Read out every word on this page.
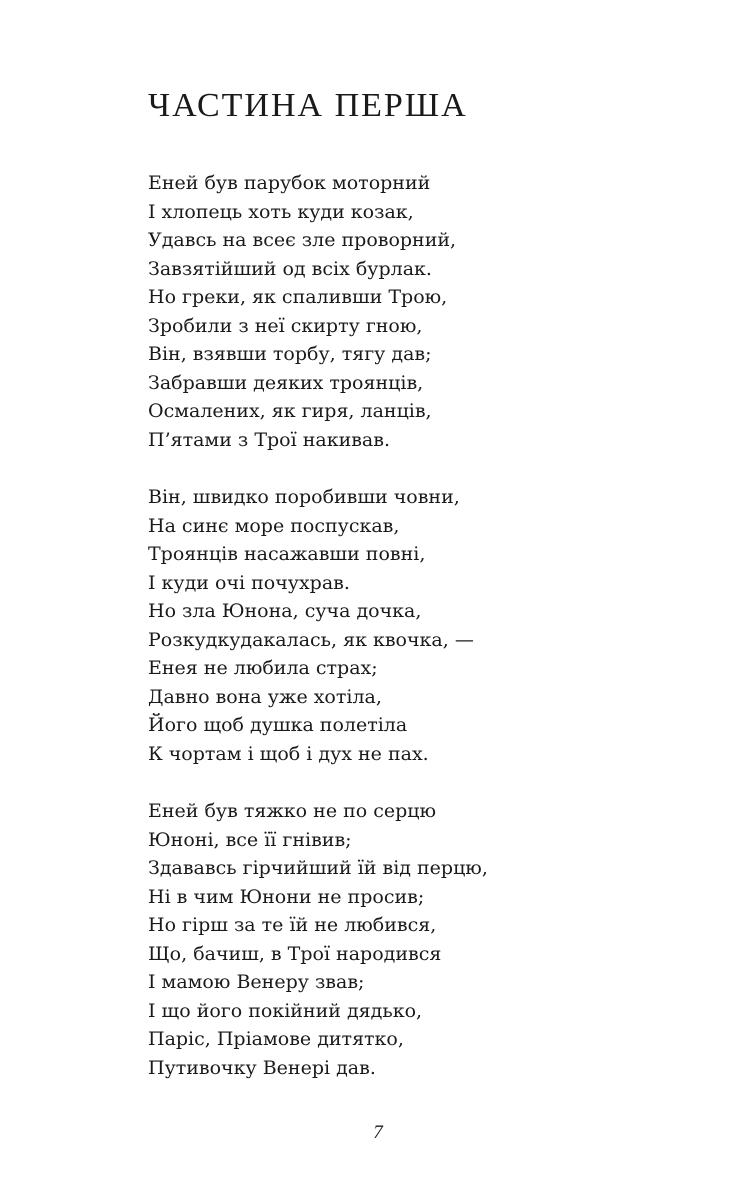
ЧАСТИНА ПЕРША
Еней був парубок моторний
І хлопець хоть куди козак,
Удавсь на всеє зле проворний,
Завзятійший од всіх бурлак.
Но греки, як спаливши Трою,
Зробили з неї скирту гною,
Він, взявши торбу, тягу дав;
Забравши деяких троянців,
Осмалених, як гиря, ланців,
П’ятами з Трої накивав.
Він, швидко поробивши човни,
На синє море поспускав,
Троянців насажавши повні,
І куди очі почухрав.
Но зла Юнона, суча дочка,
Розкудкудакалась, як квочка, —
Енея не любила страх;
Давно вона уже хотіла,
Його щоб душка полетіла
К чортам і щоб і дух не пах.
Еней був тяжко не по серцю
Юноні, все її гнівив;
Здававсь гірчийший їй від перцю,
Ні в чим Юнони не просив;
Но гірш за те їй не любився,
Що, бачиш, в Трої народився
І мамою Венеру звав;
І що його покійний дядько,
Паріс, Пріамове дитятко,
Путивочку Венері дав.
7
